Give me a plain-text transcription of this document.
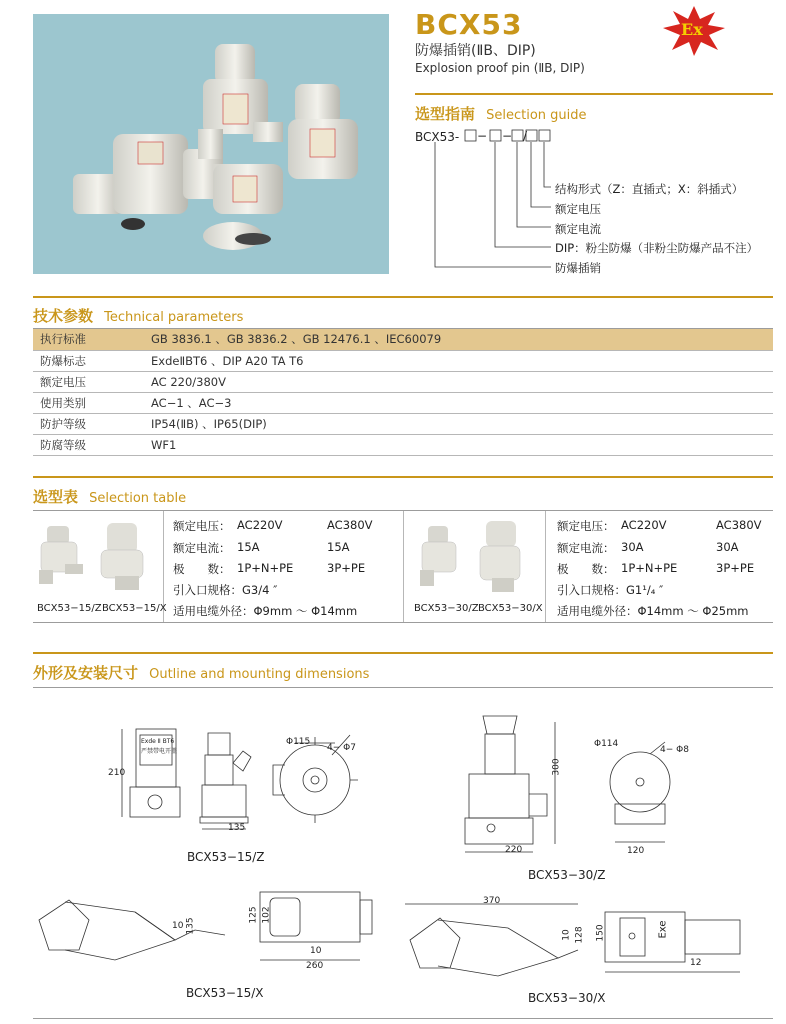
BCX53
防爆插销(ⅡB、DIP)
Explosion proof pin (ⅡB, DIP)
Ex
选型指南 Selection guide
BCX53-	− /
−
结构形式（Z：直插式；X：斜插式）
额定电压
额定电流
DIP：粉尘防爆（非粉尘防爆产品不注）
防爆插销
技术参数 Technical parameters
执行标准	GB 3836.1 、GB 3836.2 、GB 12476.1 、IEC60079
防爆标志	ExdeⅡBT6 、DIP A20 TA T6
额定电压	AC 220/380V
使用类别	AC−1 、AC−3
防护等级	IP54(ⅡB) 、IP65(DIP)
防腐等级	WF1
选型表 Selection table
BCX53−15/Z BCX53−15/X	BCX53−30/Z BCX53−30/X
额定电压： AC220V	AC380V
额定电流： 15A	15A
极　　数： 1P+N+PE	3P+PE
引入口规格：G3/4 ″
适用电缆外径：Φ9mm ～ Φ14mm
额定电压： AC220V	AC380V
额定电流： 30A	30A
极　　数： 1P+N+PE	3P+PE
引入口规格：G1¹/₄ ″
适用电缆外径：Φ14mm ～ Φ25mm
外形及安装尺寸 Outline and mounting dimensions
Exde Ⅱ BT6
严禁带电开盖
210
135
Φ115
4− Φ7
BCX53−15/Z
300
220
Φ114
4− Φ8
120
BCX53−30/Z
10 135
125 102
10
260
BCX53−15/X
370
10 128 150	Exe
12
BCX53−30/X
